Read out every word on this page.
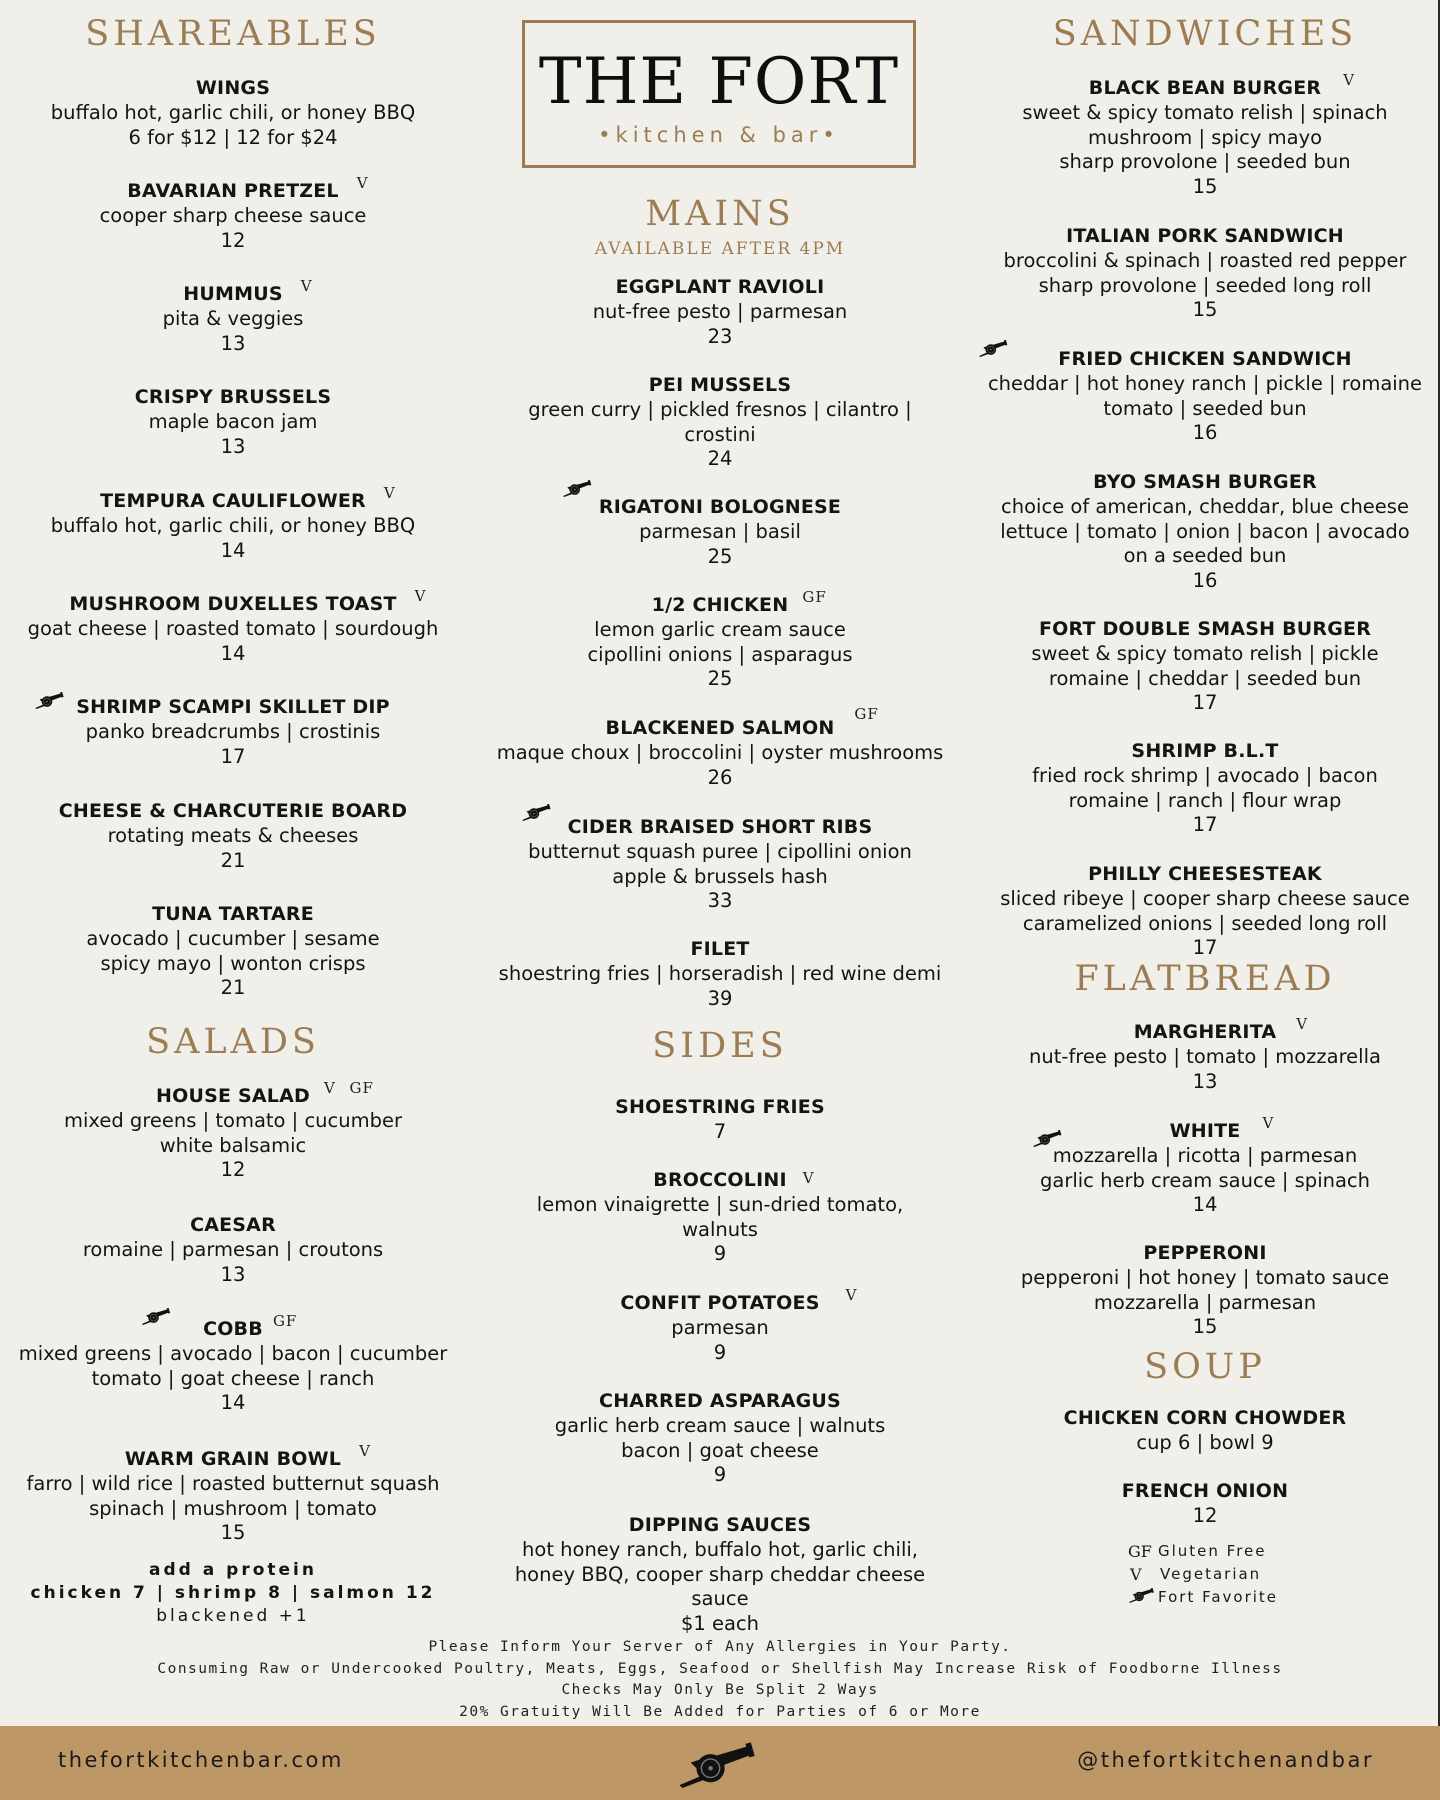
SHAREABLES
WINGS
buffalo hot, garlic chili, or honey BBQ
6 for $12 | 12 for $24
BAVARIAN PRETZEL V
cooper sharp cheese sauce
12
HUMMUS V
pita & veggies
13
CRISPY BRUSSELS
maple bacon jam
13
TEMPURA CAULIFLOWER V
buffalo hot, garlic chili, or honey BBQ
14
MUSHROOM DUXELLES TOAST V
goat cheese | roasted tomato | sourdough
14
SHRIMP SCAMPI SKILLET DIP
panko breadcrumbs | crostinis
17
CHEESE & CHARCUTERIE BOARD
rotating meats & cheeses
21
TUNA TARTARE
avocado | cucumber | sesame
spicy mayo | wonton crisps
21
SALADS
HOUSE SALAD V GF
mixed greens | tomato | cucumber
white balsamic
12
CAESAR
romaine | parmesan | croutons
13
COBB GF
mixed greens | avocado | bacon | cucumber
tomato | goat cheese | ranch
14
WARM GRAIN BOWL V
farro | wild rice | roasted butternut squash
spinach | mushroom | tomato
15
add a protein
chicken 7 | shrimp 8 | salmon 12
blackened +1
THE FORT
•kitchen & bar•
MAINS
AVAILABLE AFTER 4PM
EGGPLANT RAVIOLI
nut-free pesto | parmesan
23
PEI MUSSELS
green curry | pickled fresnos | cilantro |
crostini
24
RIGATONI BOLOGNESE
parmesan | basil
25
1/2 CHICKEN GF
lemon garlic cream sauce
cipollini onions | asparagus
25
BLACKENED SALMON
GF
maque choux | broccolini | oyster mushrooms
26
CIDER BRAISED SHORT RIBS
butternut squash puree | cipollini onion
apple & brussels hash
33
FILET
shoestring fries | horseradish | red wine demi
39
SIDES
SHOESTRING FRIES
7
BROCCOLINI V
lemon vinaigrette | sun-dried tomato,
walnuts
9
CONFIT POTATOES V
parmesan
9
CHARRED ASPARAGUS
garlic herb cream sauce | walnuts
bacon | goat cheese
9
DIPPING SAUCES
hot honey ranch, buffalo hot, garlic chili,
honey BBQ, cooper sharp cheddar cheese
sauce
$1 each
SANDWICHES
BLACK BEAN BURGER V
sweet & spicy tomato relish | spinach
mushroom | spicy mayo
sharp provolone | seeded bun
15
ITALIAN PORK SANDWICH
broccolini & spinach | roasted red pepper
sharp provolone | seeded long roll
15
FRIED CHICKEN SANDWICH
cheddar | hot honey ranch | pickle | romaine
tomato | seeded bun
16
BYO SMASH BURGER
choice of american, cheddar, blue cheese
lettuce | tomato | onion | bacon | avocado
on a seeded bun
16
FORT DOUBLE SMASH BURGER
sweet & spicy tomato relish | pickle
romaine | cheddar | seeded bun
17
SHRIMP B.L.T
fried rock shrimp | avocado | bacon
romaine | ranch | flour wrap
17
PHILLY CHEESESTEAK
sliced ribeye | cooper sharp cheese sauce
caramelized onions | seeded long roll
17
FLATBREAD
MARGHERITA V
nut-free pesto | tomato | mozzarella
13
WHITE V
mozzarella | ricotta | parmesan
garlic herb cream sauce | spinach
14
PEPPERONI
pepperoni | hot honey | tomato sauce
mozzarella | parmesan
15
SOUP
CHICKEN CORN CHOWDER
cup 6 | bowl 9
FRENCH ONION
12
GF Gluten Free
V	Vegetarian
Fort Favorite
Please Inform Your Server of Any Allergies in Your Party.
Consuming Raw or Undercooked Poultry, Meats, Eggs, Seafood or Shellfish May Increase Risk of Foodborne Illness
Checks May Only Be Split 2 Ways
20% Gratuity Will Be Added for Parties of 6 or More
thefortkitchenbar.com	@thefortkitchenandbar
